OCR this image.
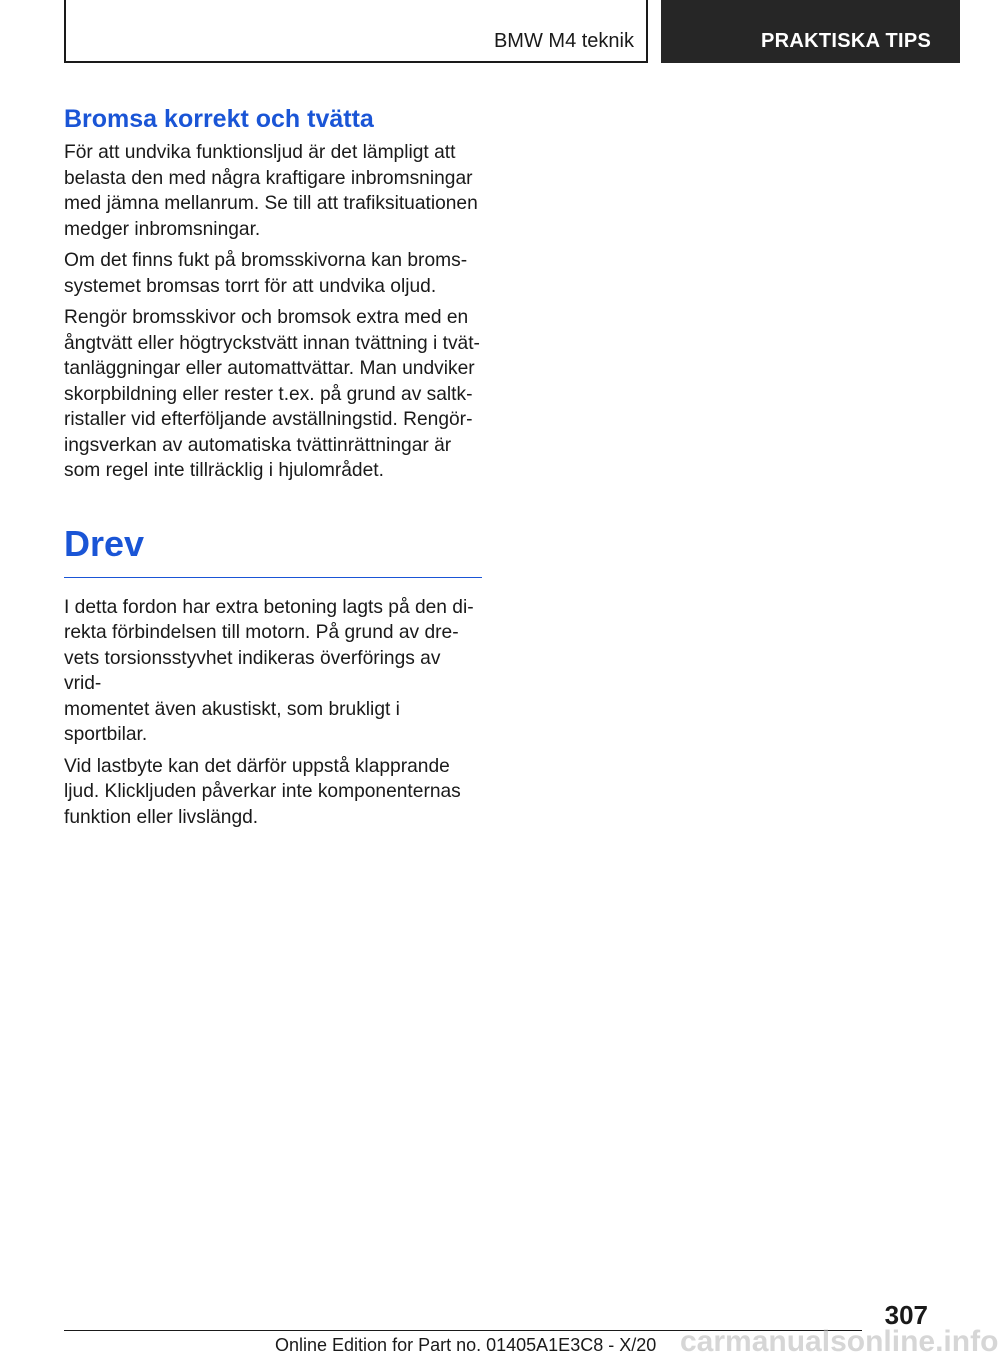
BMW M4 teknik	PRAKTISKA TIPS
Bromsa korrekt och tvätta

För att undvika funktionsljud är det lämpligt att
belasta den med några kraftigare inbromsningar
med jämna mellanrum. Se till att trafiksituationen
medger inbromsningar.

Om det finns fukt på bromsskivorna kan broms-
systemet bromsas torrt för att undvika oljud.

Rengör bromsskivor och bromsok extra med en
ångtvätt eller högtryckstvätt innan tvättning i tvät-
tanläggningar eller automattvättar. Man undviker
skorpbildning eller rester t.ex. på grund av saltk-
ristaller vid efterföljande avställningstid. Rengör-
ingsverkan av automatiska tvättinrättningar är
som regel inte tillräcklig i hjulområdet.

Drev

I detta fordon har extra betoning lagts på den di-
rekta förbindelsen till motorn. På grund av dre-
vets torsionsstyvhet indikeras överförings av vrid-
momentet även akustiskt, som brukligt i
sportbilar.

Vid lastbyte kan det därför uppstå klapprande
ljud. Klickljuden påverkar inte komponenternas
funktion eller livslängd.

307
Online Edition for Part no. 01405A1E3C8 - X/20 carmanualsonline.info
